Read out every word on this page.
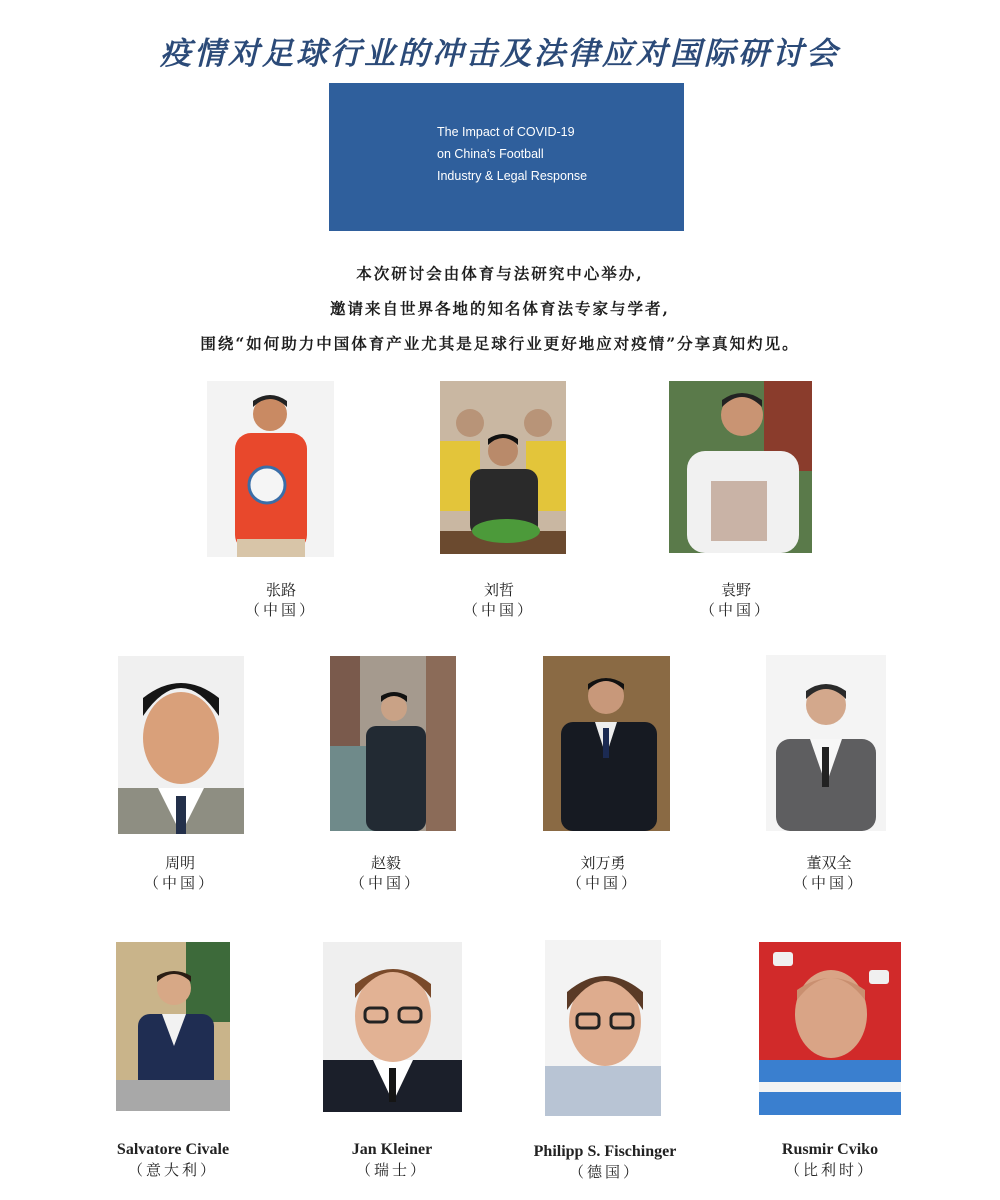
疫情对足球行业的冲击及法律应对国际研讨会
The Impact of COVID-19
on China's Football
Industry & Legal Response
本次研讨会由体育与法研究中心举办,
邀请来自世界各地的知名体育法专家与学者,
围绕“如何助力中国体育产业尤其是足球行业更好地应对疫情”分享真知灼见。
张路
（中国）
刘哲
（中国）
袁野
（中国）
周明
（中国）
赵毅
（中国）
刘万勇
（中国）
董双全
（中国）
Salvatore Civale
（意大利）
Jan Kleiner
（瑞士）
Philipp S. Fischinger
（德国）
Rusmir Cviko
（比利时）
